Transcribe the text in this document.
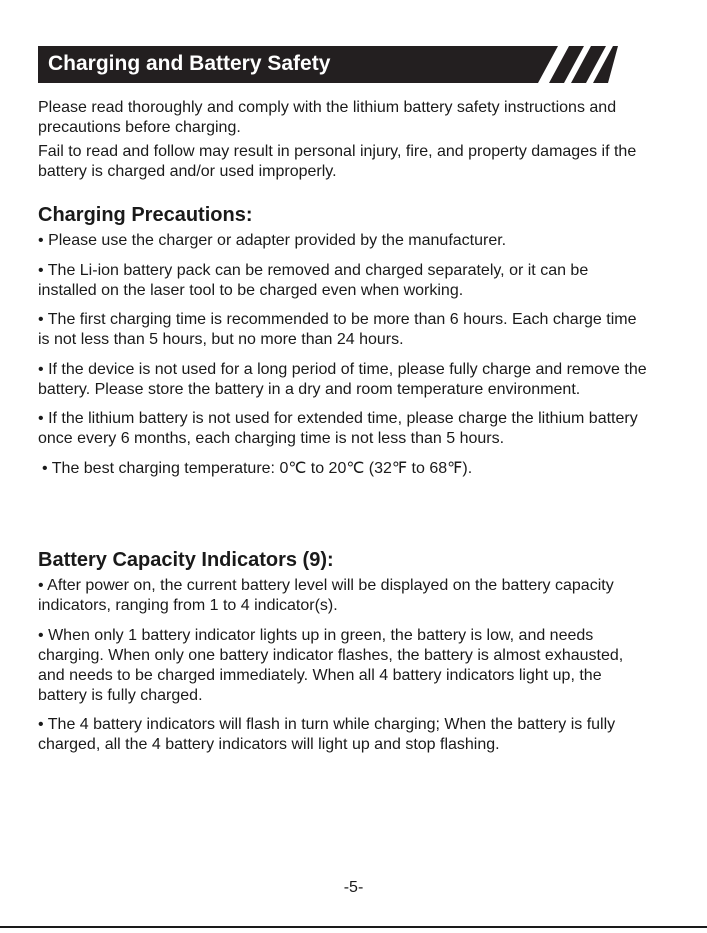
Charging and Battery Safety

Please read thoroughly and comply with the lithium battery safety instructions and precautions before charging.

Fail to read and follow may result in personal injury, fire, and property damages if the battery is charged and/or used improperly.

Charging Precautions:
• Please use the charger or adapter provided by the manufacturer.
• The Li-ion battery pack can be removed and charged separately, or it can be installed on the laser tool to be charged even when working.
• The first charging time is recommended to be more than 6 hours. Each charge time is not less than 5 hours, but no more than 24 hours.
• If the device is not used for a long period of time, please fully charge and remove the battery. Please store the battery in a dry and room temperature environment.
• If the lithium battery is not used for extended time, please charge the lithium battery once every 6 months, each charging time is not less than 5 hours.
• The best charging temperature: 0℃ to 20℃ (32℉ to 68℉).
Battery Capacity Indicators (9):
• After power on, the current battery level will be displayed on the battery capacity indicators, ranging from 1 to 4 indicator(s).
• When only 1 battery indicator lights up in green, the battery is low, and needs charging. When only one battery indicator flashes, the battery is almost exhausted, and needs to be charged immediately. When all 4 battery indicators light up, the battery is fully charged.
• The 4 battery indicators will flash in turn while charging; When the battery is fully charged, all the 4 battery indicators will light up and stop flashing.
-5-
